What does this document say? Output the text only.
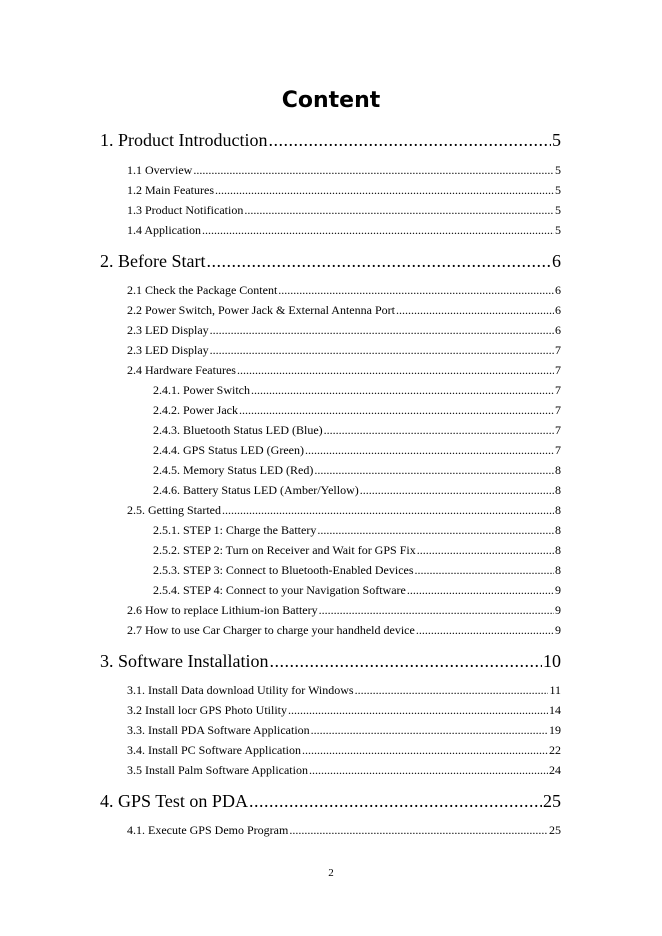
Content
1. Product Introduction .....	5
1.1 Overview .....	5
1.2 Main Features .....	5
1.3 Product Notification .....	5
1.4 Application .....	5
2. Before Start .....	6
2.1 Check the Package Content .....	6
2.2 Power Switch, Power Jack & External Antenna Port .....	6
2.3 LED Display .....	6
2.3 LED Display .....	7
2.4 Hardware Features .....	7
2.4.1. Power Switch .....	7
2.4.2. Power Jack .....	7
2.4.3. Bluetooth Status LED (Blue) .....	7
2.4.4. GPS Status LED (Green) .....	7
2.4.5. Memory Status LED (Red) .....	8
2.4.6. Battery Status LED (Amber/Yellow) .....	8
2.5. Getting Started .....	8
2.5.1. STEP 1: Charge the Battery .....	8
2.5.2. STEP 2: Turn on Receiver and Wait for GPS Fix .....	8
2.5.3. STEP 3: Connect to Bluetooth-Enabled Devices .....	8
2.5.4. STEP 4: Connect to your Navigation Software .....	9
2.6 How to replace Lithium-ion Battery .....	9
2.7 How to use Car Charger to charge your handheld device .....	9
3. Software Installation .....	10
3.1. Install Data download Utility for Windows .....	11
3.2 Install locr GPS Photo Utility .....	14
3.3. Install PDA Software Application .....	19
3.4. Install PC Software Application .....	22
3.5 Install Palm Software Application .....	24
4. GPS Test on PDA .....	25
4.1. Execute GPS Demo Program .....	25
2
